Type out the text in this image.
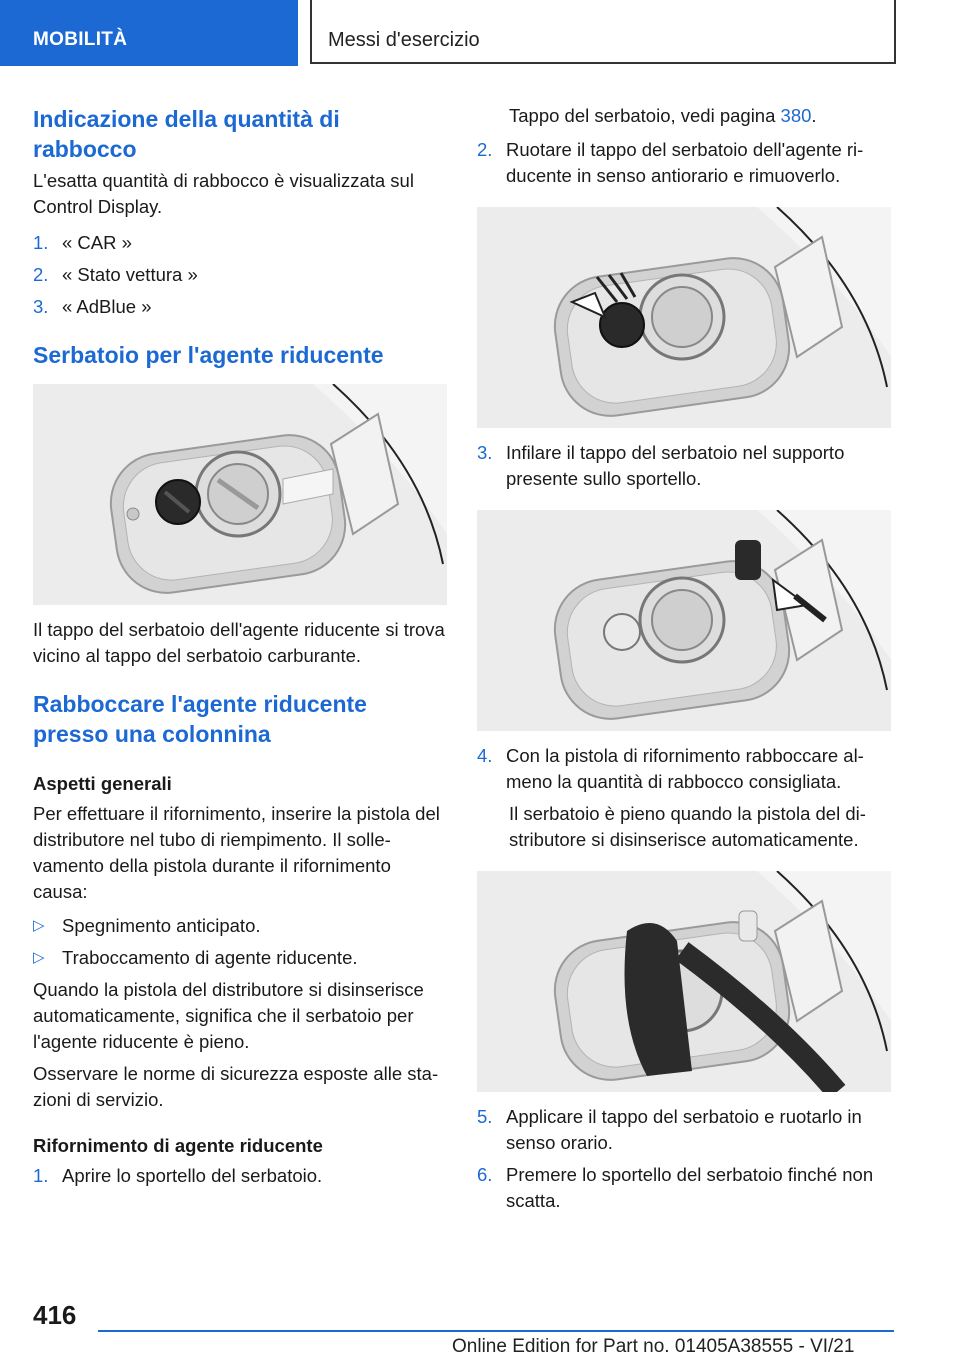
MOBILITÀ	Messi d'esercizio
Indicazione della quantità di rabbocco

L'esatta quantità di rabbocco è visualizzata sul Control Display.

1. « CAR »
2. « Stato vettura »
3. « AdBlue »
Serbatoio per l'agente riducente

Il tappo del serbatoio dell'agente riducente si trova vicino al tappo del serbatoio carburante.

Rabboccare l'agente riducente presso una colonnina
Aspetti generali

Per effettuare il rifornimento, inserire la pistola del distributore nel tubo di riempimento. Il solle-vamento della pistola durante il rifornimento causa:

▷ Spegnimento anticipato.
▷ Traboccamento di agente riducente.

Quando la pistola del distributore si disinserisce automaticamente, significa che il serbatoio per l'agente riducente è pieno.

Osservare le norme di sicurezza esposte alle sta-zioni di servizio.

Rifornimento di agente riducente
1. Aprire lo sportello del serbatoio.

Tappo del serbatoio, vedi pagina 380.

2. Ruotare il tappo del serbatoio dell'agente ri-ducente in senso antiorario e rimuoverlo.
3. Infilare il tappo del serbatoio nel supporto presente sullo sportello.
4. Con la pistola di rifornimento rabboccare al-meno la quantità di rabbocco consigliata.

Il serbatoio è pieno quando la pistola del di-stributore si disinserisce automaticamente.

5. Applicare il tappo del serbatoio e ruotarlo in senso orario.
6. Premere lo sportello del serbatoio finché non scatta.
416
Online Edition for Part no. 01405A38555 - VI/21
